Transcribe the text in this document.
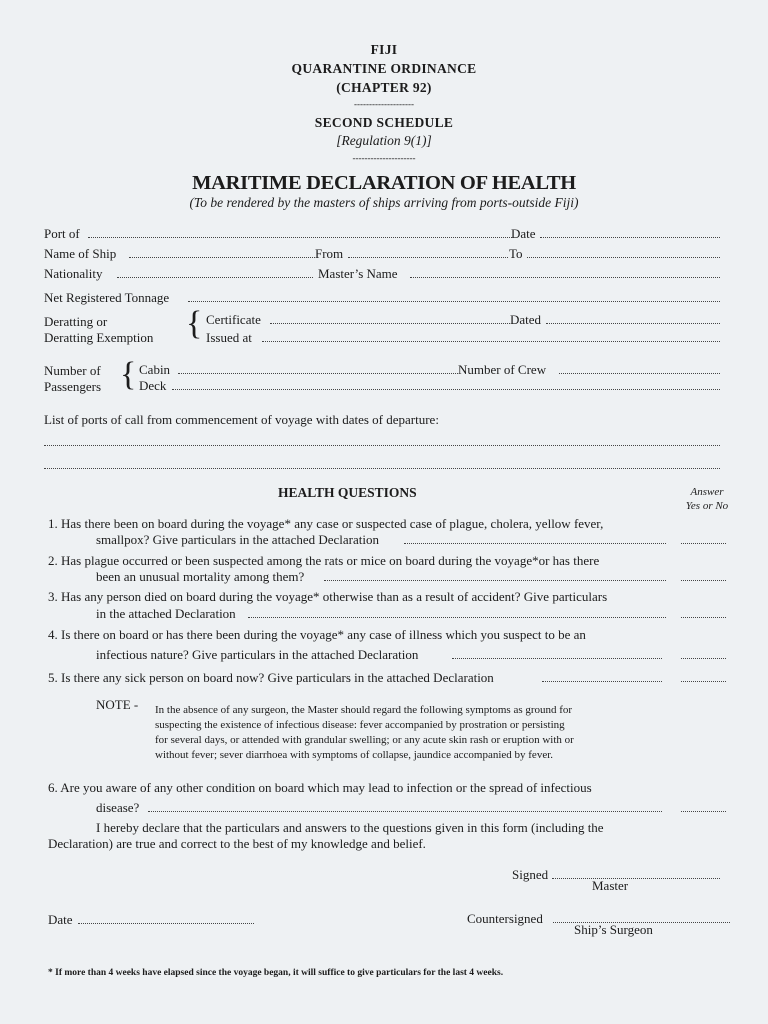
FIJI
QUARANTINE ORDINANCE
(CHAPTER 92)
--------------------
SECOND SCHEDULE
[Regulation 9(1)]
---------------------
MARITIME DECLARATION OF HEALTH
(To be rendered by the masters of ships arriving from ports-outside Fiji)
Port of	Date
Name of Ship	From	To
Nationality	Master’s Name
Net Registered Tonnage
Deratting or
Deratting Exemption { Certificate	Dated
Issued at
Number of
Passengers { Cabin	Number of Crew
Deck
List of ports of call from commencement of voyage with dates of departure:
HEALTH QUESTIONS	Answer
Yes or No
1. Has there been on board during the voyage* any case or suspected case of plague, cholera, yellow fever,
smallpox? Give particulars in the attached Declaration
2. Has plague occurred or been suspected among the rats or mice on board during the voyage*or has there
been an unusual mortality among them?
3. Has any person died on board during the voyage* otherwise than as a result of accident? Give particulars
in the attached Declaration
4. Is there on board or has there been during the voyage* any case of illness which you suspect to be an
infectious nature? Give particulars in the attached Declaration
5. Is there any sick person on board now? Give particulars in the attached Declaration
NOTE - In the absence of any surgeon, the Master should regard the following symptoms as ground for
suspecting the existence of infectious disease: fever accompanied by prostration or persisting
for several days, or attended with grandular swelling; or any acute skin rash or eruption with or
without fever; sever diarrhoea with symptoms of collapse, jaundice accompanied by fever.
6. Are you aware of any other condition on board which may lead to infection or the spread of infectious
disease?
I hereby declare that the particulars and answers to the questions given in this form (including the
Declaration) are true and correct to the best of my knowledge and belief.
Signed
Master
Date	Countersigned
Ship’s Surgeon
* If more than 4 weeks have elapsed since the voyage began, it will suffice to give particulars for the last 4 weeks.
